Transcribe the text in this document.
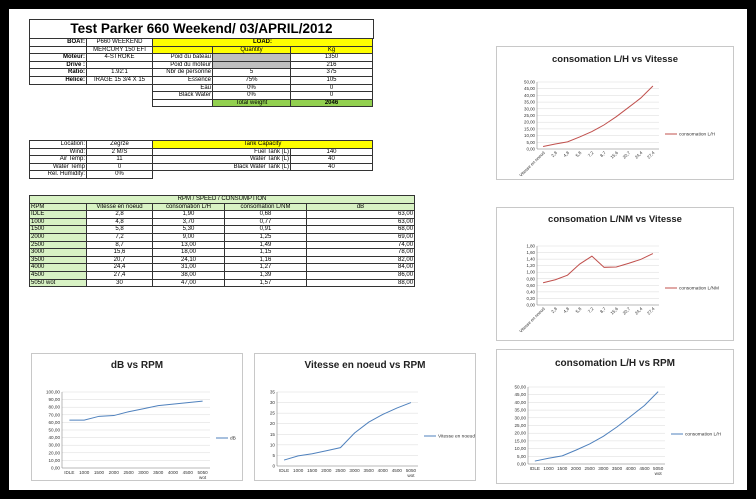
Test Parker 660 Weekend/ 03/APRIL/2012
BOAT:	P660 WEEKEND
	MERCURY 150 EFI
Moteur:	4-STROKE
Drive :	
Ratio:	1.92:1
Helice:	IRAGE 15 3/4 X 15
LOAD:		
	Quantity	Kg
Poid du bateau		1350
Poid du moteur		216
Nbr de personne	5	375
Essence	75%	105
Eau	0%	0
Black Water	0%	0
	Total weight	2046
Location:	Zegrze
Wind:	2 M/S
Air Temp:	11
Water Temp	0
Rel. Humidity:	0%
Tank Capacity	
Fuel Tank (L)	140
Water Tank (L)	40
Black Water Tank (L)	40
RPM / SPEED / CONSUMPTION				
RPM	Vitesse en noeud	consomation L/H	consomation L/NM	dB
IDLE	2,8	1,90	0,68	63,00
1000	4,8	3,70	0,77	63,00
1500	5,8	5,30	0,91	68,00
2000	7,2	9,00	1,25	69,00
2500	8,7	13,00	1,49	74,00
3000	15,6	18,00	1,15	78,00
3500	20,7	24,10	1,16	82,00
4000	24,4	31,00	1,27	84,00
4500	27,4	38,00	1,39	86,00
5050 wot	30	47,00	1,57	88,00
consomation L/H vs Vitesse
0,00
5,00
10,00
15,00
20,00
25,00
30,00
35,00
40,00
45,00
50,00
Vitesse en noeud 2,8 4,8 5,8 7,2 8,7 15,6 20,7 24,4 27,4
consomation L/H
consomation L/NM vs Vitesse
0,00
0,20
0,40
0,60
0,80
1,00
1,20
1,40
1,60
1,80
Vitesse en noeud 2,8 4,8 5,8 7,2 8,7 15,6 20,7 24,4 27,4
consomation L/NM
dB vs RPM
0,00
10,00
20,00
30,00
40,00
50,00
60,00
70,00
80,00
90,00
100,00
IDLE 1000 1500 2000 2500 3000 3500 4000 4500 5050
wot
dB
Vitesse en noeud vs RPM
0
5
10
15
20
25
30
35
IDLE 1000 1500 2000 2500 3000 3500 4000 4500 5050
wot
Vitesse en noeud
consomation L/H vs RPM
0,00
5,00
10,00
15,00
20,00
25,00
30,00
35,00
40,00
45,00
50,00
IDLE 1000 1500 2000 2500 3000 3500 4000 4500 5050
wot
consomation L/H
